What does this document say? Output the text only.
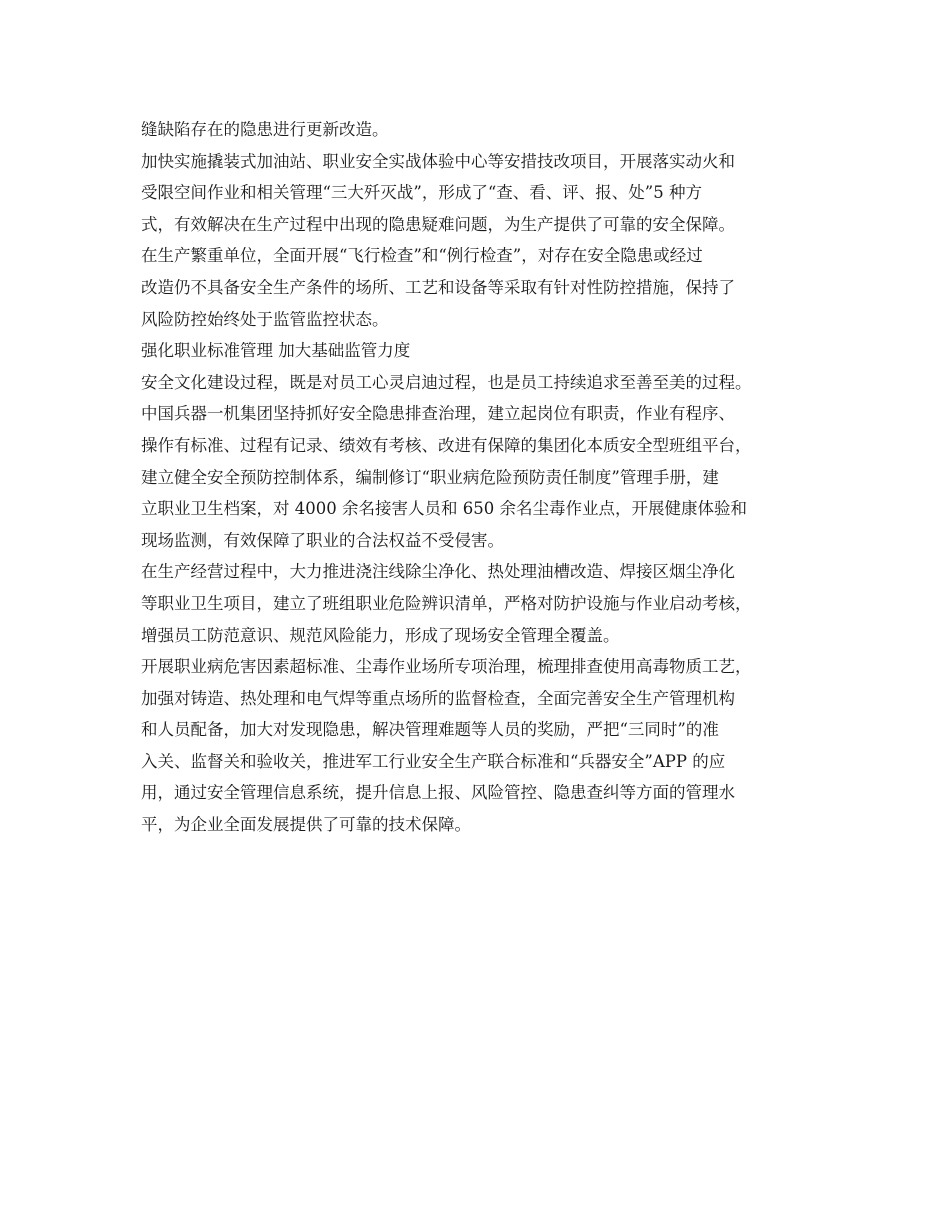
缝缺陷存在的隐患进行更新改造。
加快实施撬装式加油站、职业安全实战体验中心等安措技改项目，开展落实动火和
受限空间作业和相关管理“三大歼灭战”，形成了“查、看、评、报、处”5 种方
式，有效解决在生产过程中出现的隐患疑难问题，为生产提供了可靠的安全保障。
在生产繁重单位，全面开展“飞行检查”和“例行检查”，对存在安全隐患或经过
改造仍不具备安全生产条件的场所、工艺和设备等采取有针对性防控措施，保持了
风险防控始终处于监管监控状态。
强化职业标准管理 加大基础监管力度
安全文化建设过程，既是对员工心灵启迪过程，也是员工持续追求至善至美的过程。
中国兵器一机集团坚持抓好安全隐患排查治理，建立起岗位有职责，作业有程序、
操作有标准、过程有记录、绩效有考核、改进有保障的集团化本质安全型班组平台，
建立健全安全预防控制体系，编制修订“职业病危险预防责任制度”管理手册，建
立职业卫生档案，对 4000 余名接害人员和 650 余名尘毒作业点，开展健康体验和
现场监测，有效保障了职业的合法权益不受侵害。
在生产经营过程中，大力推进浇注线除尘净化、热处理油槽改造、焊接区烟尘净化
等职业卫生项目，建立了班组职业危险辨识清单，严格对防护设施与作业启动考核，
增强员工防范意识、规范风险能力，形成了现场安全管理全覆盖。
开展职业病危害因素超标准、尘毒作业场所专项治理，梳理排查使用高毒物质工艺，
加强对铸造、热处理和电气焊等重点场所的监督检查，全面完善安全生产管理机构
和人员配备，加大对发现隐患，解决管理难题等人员的奖励，严把“三同时”的准
入关、监督关和验收关，推进军工行业安全生产联合标准和“兵器安全”APP 的应
用，通过安全管理信息系统，提升信息上报、风险管控、隐患查纠等方面的管理水
平，为企业全面发展提供了可靠的技术保障。
